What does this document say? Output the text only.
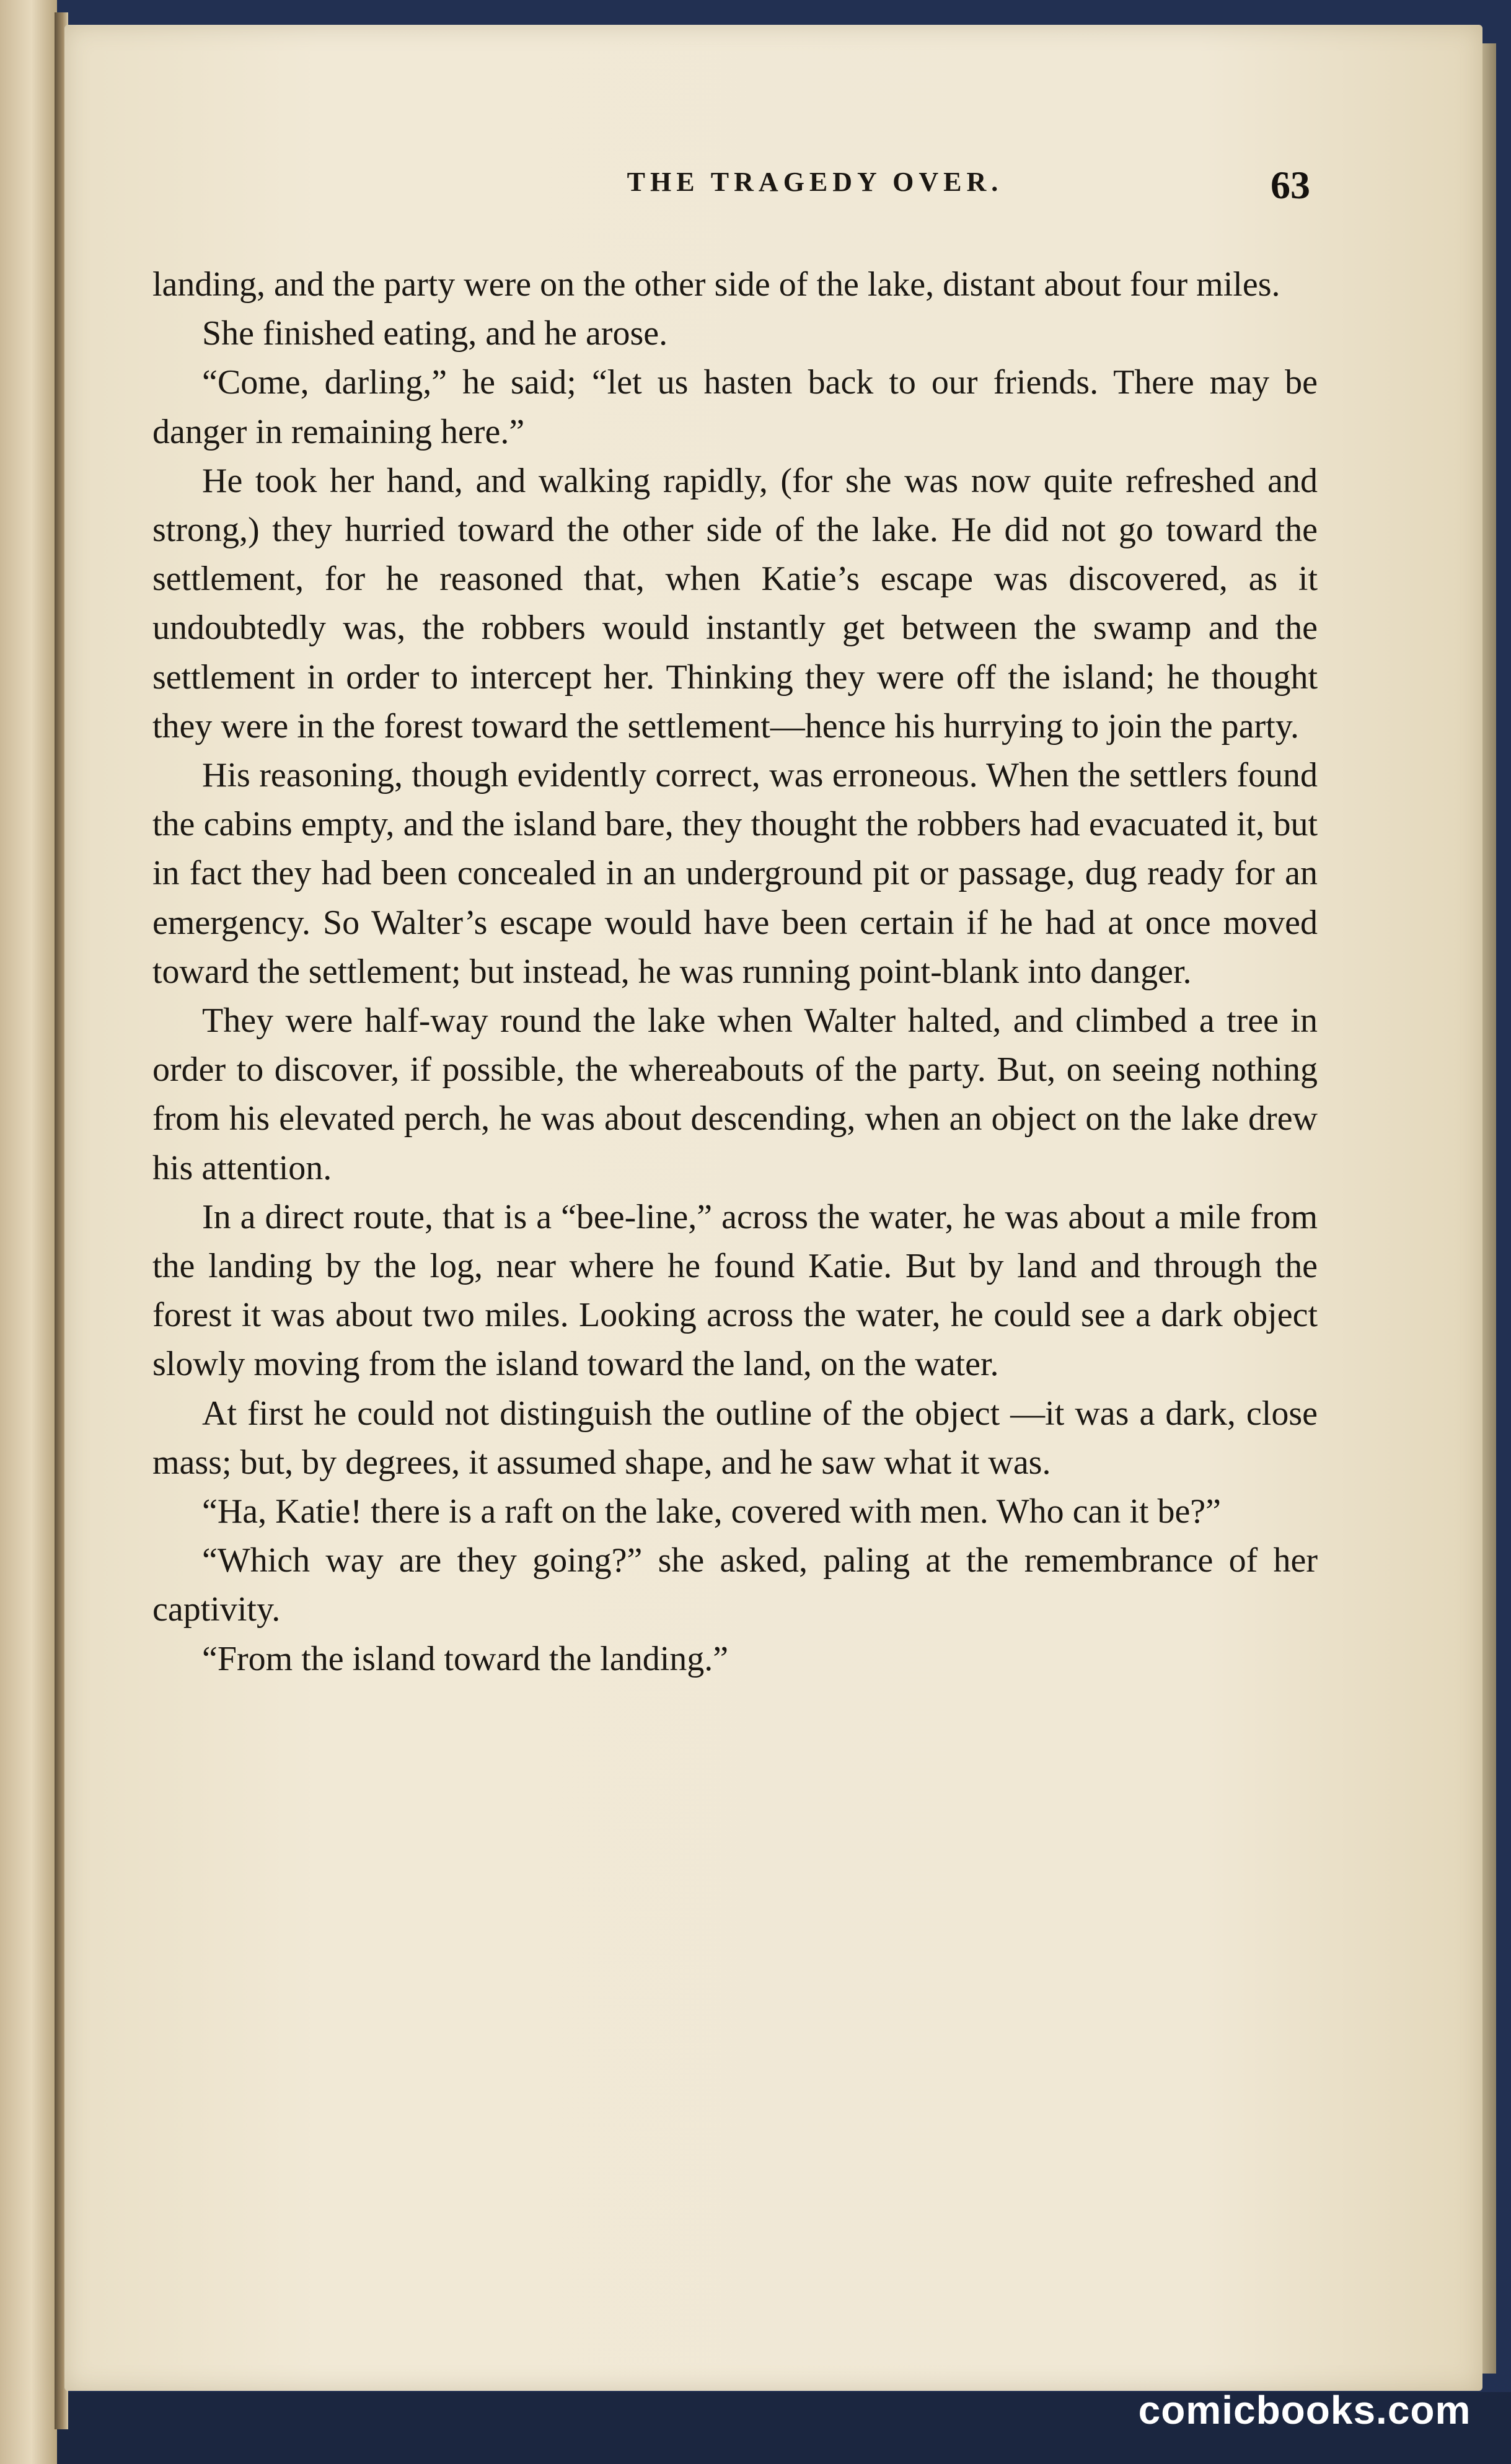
THE TRAGEDY OVER.	63

landing, and the party were on the other side of the lake, distant about four miles.

She finished eating, and he arose.

“Come, darling,” he said; “let us hasten back to our friends. There may be danger in remaining here.”

He took her hand, and walking rapidly, (for she was now quite refreshed and strong,) they hurried toward the other side of the lake. He did not go toward the settlement, for he reasoned that, when Katie’s escape was discovered, as it undoubtedly was, the robbers would instantly get between the swamp and the settlement in order to intercept her. Thinking they were off the island; he thought they were in the forest toward the settlement—hence his hurrying to join the party.

His reasoning, though evidently correct, was erroneous. When the settlers found the cabins empty, and the island bare, they thought the robbers had evacuated it, but in fact they had been concealed in an underground pit or passage, dug ready for an emergency. So Walter’s escape would have been certain if he had at once moved toward the settlement; but instead, he was running point-blank into danger.

They were half-way round the lake when Walter halted, and climbed a tree in order to discover, if possible, the whereabouts of the party. But, on seeing nothing from his elevated perch, he was about descending, when an object on the lake drew his attention.

In a direct route, that is a “bee-line,” across the water, he was about a mile from the landing by the log, near where he found Katie. But by land and through the forest it was about two miles. Looking across the water, he could see a dark object slowly moving from the island toward the land, on the water.

At first he could not distinguish the outline of the object —it was a dark, close mass; but, by degrees, it assumed shape, and he saw what it was.

“Ha, Katie! there is a raft on the lake, covered with men. Who can it be?”

“Which way are they going?” she asked, paling at the remembrance of her captivity.

“From the island toward the landing.”

comicbooks.com
